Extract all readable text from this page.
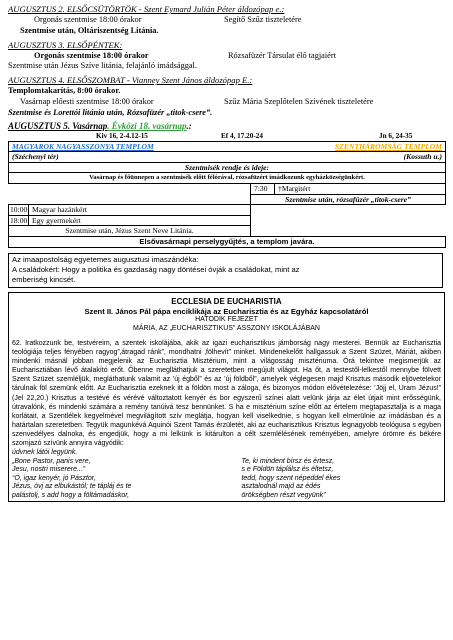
AUGUSZTUS 2. ELSŐCSÜTÖRTÖK - Szent Eymard Julián Péter áldozópap e.:
Orgonás szentmise 18:00 órakor	Segítő Szűz tiszteletére
Szentmise után, Oltáriszentség Litánia.
AUGUSZTUS 3. ELSŐPÉNTEK:
Orgonás szentmise 18:00 órakor	Rózsafüzér Társulat élő tagjaiért
Szentmise után Jézus Szíve litánia, felajánló imádsággal.
AUGUSZTUS 4. ELSŐSZOMBAT - Vianney Szent János áldozópap E.:
Templomtakarítás, 8:00 órakor.
Vasárnap előesti szentmise 18:00 órakor	Szűz Mária Szeplőtelen Szívének tiszteletére
Szentmise és Lorettói litánia után, Rózsafüzér „titok-csere”.
AUGUSZTUS 5. Vasárnap. Évközi 18. vasárnap.:
Kiv 16, 2-4.12-15	Ef 4, 17.20-24	Jn 6, 24-35
MAGYAROK NAGYASSZONYA TEMPLOM		SZENTHÁROMSÁG TEMPLOM	
(Széchenyi tér)		(Kossuth u.)	
Szentmisék rendje és ideje:			
Vasárnap és főünnepen a szentmisék előtt félórával, rózsafüzért imádkozunk egyházközségünkért.			
		7:30	†Margitért
		Szentmise után, rózsafüzér „titok-csere”	
10:00	Magyar hazánkért		
18:00	Egy gyermekért		
Szentmise után, Jézus Szent Neve Litánia.			
Elsővasárnapi perselygyűjtés, a templom javára.			
Az imaapostolság egyetemes augusztusi imaszándéka:
A családokért: Hogy a politika és gazdaság nagy döntései óvják a családokat, mint az
emberiség kincsét.
ECCLESIA DE EUCHARISTIA
Szent II. János Pál pápa enciklikája az Eucharisztia és az Egyház kapcsolatáról
HATODIK FEJEZET
MÁRIA, AZ „EUCHARISZTIKUS” ASSZONY ISKOLÁJÁBAN
62. Iratkozzunk be, testvéreim, a szentek iskolájába, akik az igazi eucharisztikus jámborság nagy mesterei. Bennük az Eucharisztia teológiája teljes fényében ragyog”‚átragad ránk”, mondhatni ‚fölhevít” minket. Mindenekelőtt hallgassuk a Szent Szüzet, Máriát, akiben mindenki másnál jobban megjelenik az Eucharisztia Misztérium, mint a világosság misztériuma. Órá tekintve megismerjük az Eucharisztiában lévő átalakító erőt. Őbenne meglláthatjuk a szeretetben megújult világot. Ha őt, a testestől-lelkestől mennybe fölvett Szent Szüzet szemléljük, megláthatunk valamit az ‛új égből” és az ‛új földből”, amelyek véglegesen majd Krisztus második eljövetelekor tárulnak föl szemünk előtt. Az Eucharisztia ezeknek itt a földön most a záloga, és bizonyos módon elővételezése: ‛Jöjj el, Uram Jézus!” (Jel 22,20.) Krisztus a testévé és vérévé változtatott kenyér és bor egyszerű színei alatt velünk járja az élet útjait mint erősségünk, útravalónk, és mindenki számára a remény tanúivá tesz bennünket. S ha e misztérium színe előtt az értelem megtapasztalja is a maga korlátait, a Szentlélek kegyelmével megvilágított szív meglátja, hogyan kell viselkednie, s hogyan kell elmerülnie az imádásban és a határtalan szeretetben. Tegyük magunkévá Aquinói Szent Tamás érzületét, aki az eucharisztikus Krisztus legnagyobb teológusa s egyben szenvedélyes dalnoka, és engedjük, hogy a mi lelkünk is kitárulton a célt szemlélésének reményében, amelyre órömre és békére szomjazó szívünk annyira vágyódik:
údvnek látói legyünk.
„Bone Pastor, panis vere,
Jesu, nostri miserere...”
“Ó, igaz kenyér, jó Pásztor,
Jézus, óvj az elbukástól; te tápláj és te
palástolj, s add hogy a föltámadáskor,

Te, ki mindent bírsz és értesz,
s e Földön táplálsz és éltetsz,
tedd, hogy szent népeddel ékes
asztalodnál majd az édés
örökségben részt vegyünk”
